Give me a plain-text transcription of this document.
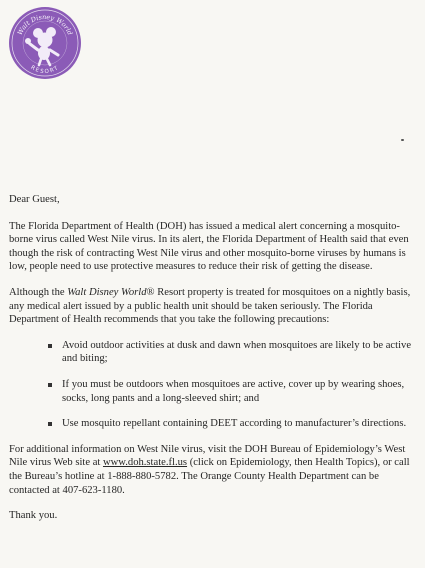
Walt Disney World
RESORT

Dear Guest,

The Florida Department of Health (DOH) has issued a medical alert concerning a mosquito-borne virus called West Nile virus. In its alert, the Florida Department of Health said that even though the risk of contracting West Nile virus and other mosquito-borne viruses by humans is low, people need to use protective measures to reduce their risk of getting the disease.

Although the Walt Disney World® Resort property is treated for mosquitoes on a nightly basis, any medical alert issued by a public health unit should be taken seriously. The Florida Department of Health recommends that you take the following precautions:

Avoid outdoor activities at dusk and dawn when mosquitoes are likely to be active and biting;
If you must be outdoors when mosquitoes are active, cover up by wearing shoes, socks, long pants and a long-sleeved shirt; and
Use mosquito repellant containing DEET according to manufacturer’s directions.

For additional information on West Nile virus, visit the DOH Bureau of Epidemiology’s West Nile virus Web site at www.doh.state.fl.us (click on Epidemiology, then Health Topics), or call the Bureau’s hotline at 1-888-880-5782. The Orange County Health Department can be contacted at 407-623-1180.

Thank you.
